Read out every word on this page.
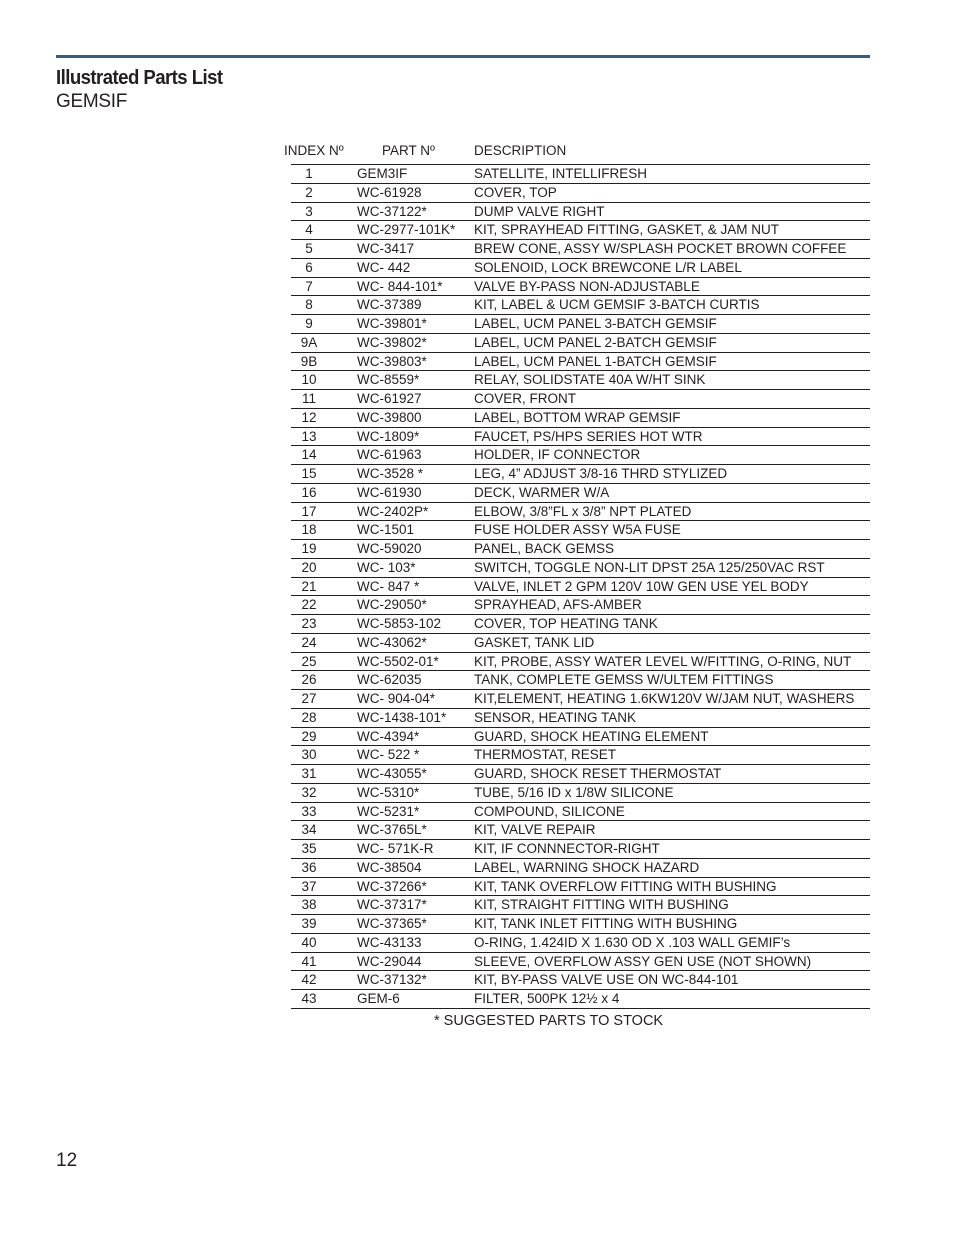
Illustrated Parts List
GEMSIF
INDEX Nº	PART Nº	DESCRIPTION
1	GEM3IF	SATELLITE, INTELLIFRESH
2	WC-61928	COVER, TOP
3	WC-37122*	DUMP VALVE RIGHT
4	WC-2977-101K* KIT, SPRAYHEAD FITTING, GASKET, & JAM NUT
5	WC-3417	BREW CONE, ASSY W/SPLASH POCKET BROWN COFFEE
6	WC- 442	SOLENOID, LOCK BREWCONE L/R LABEL
7	WC- 844-101* VALVE BY-PASS NON-ADJUSTABLE
8	WC-37389	KIT, LABEL & UCM GEMSIF 3-BATCH CURTIS
9	WC-39801*	LABEL, UCM PANEL 3-BATCH GEMSIF
9A	WC-39802*	LABEL, UCM PANEL 2-BATCH GEMSIF
9B	WC-39803*	LABEL, UCM PANEL 1-BATCH GEMSIF
10	WC-8559*	RELAY, SOLIDSTATE 40A W/HT SINK
11	WC-61927	COVER, FRONT
12	WC-39800	LABEL, BOTTOM WRAP GEMSIF
13	WC-1809*	FAUCET, PS/HPS SERIES HOT WTR
14	WC-61963	HOLDER, IF CONNECTOR
15	WC-3528 *	LEG, 4” ADJUST 3/8-16 THRD STYLIZED
16	WC-61930	DECK, WARMER W/A
17	WC-2402P*	ELBOW, 3/8”FL x 3/8” NPT PLATED
18	WC-1501	FUSE HOLDER ASSY W5A FUSE
19	WC-59020	PANEL, BACK GEMSS
20	WC- 103*	SWITCH, TOGGLE NON-LIT DPST 25A 125/250VAC RST
21	WC- 847 *	VALVE, INLET 2 GPM 120V 10W GEN USE YEL BODY
22	WC-29050*	SPRAYHEAD, AFS-AMBER
23	WC-5853-102 COVER, TOP HEATING TANK
24	WC-43062*	GASKET, TANK LID
25	WC-5502-01*	KIT, PROBE, ASSY WATER LEVEL W/FITTING, O-RING, NUT
26	WC-62035	TANK, COMPLETE GEMSS W/ULTEM FITTINGS
27	WC- 904-04*	KIT,ELEMENT, HEATING 1.6KW120V W/JAM NUT, WASHERS
28	WC-1438-101* SENSOR, HEATING TANK
29	WC-4394*	GUARD, SHOCK HEATING ELEMENT
30	WC- 522 *	THERMOSTAT, RESET
31	WC-43055*	GUARD, SHOCK RESET THERMOSTAT
32	WC-5310*	TUBE, 5/16 ID x 1/8W SILICONE
33	WC-5231*	COMPOUND, SILICONE
34	WC-3765L*	KIT, VALVE REPAIR
35	WC- 571K-R	KIT, IF CONNNECTOR-RIGHT
36	WC-38504	LABEL, WARNING SHOCK HAZARD
37	WC-37266*	KIT, TANK OVERFLOW FITTING WITH BUSHING
38	WC-37317*	KIT, STRAIGHT FITTING WITH BUSHING
39	WC-37365*	KIT, TANK INLET FITTING WITH BUSHING
40	WC-43133	O-RING, 1.424ID X 1.630 OD X .103 WALL GEMIF’s
41	WC-29044	SLEEVE, OVERFLOW ASSY GEN USE (NOT SHOWN)
42	WC-37132*	KIT, BY-PASS VALVE USE ON WC-844-101
43	GEM-6	FILTER, 500PK 12½ x 4
* SUGGESTED PARTS TO STOCK
12
